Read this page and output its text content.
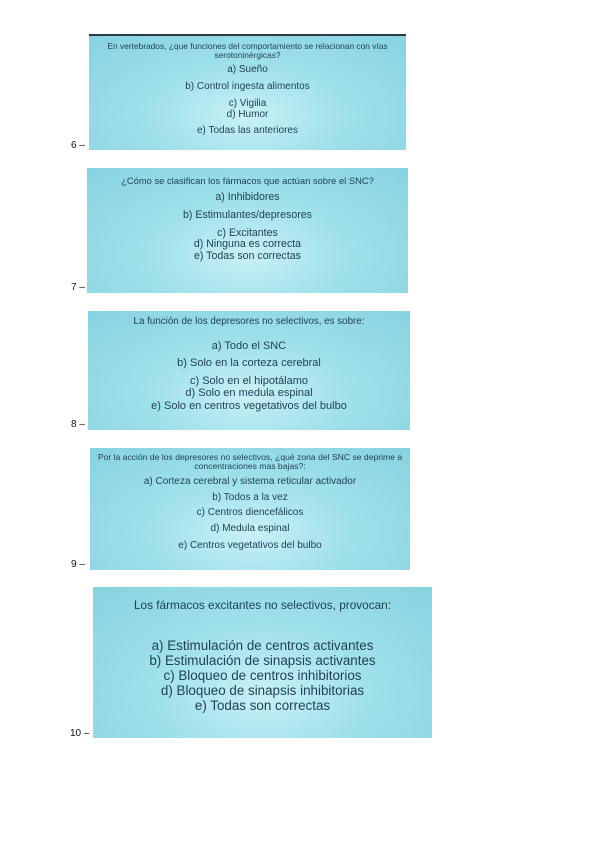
6 –
En vertebrados, ¿que funciones del comportamiento se relacionan con vías serotoninérgicas?
a) Sueño
b) Control ingesta alimentos
c) Vigilia
d) Humor
e) Todas las anteriores
7 –
¿Cómo se clasifican los fármacos que actúan sobre el SNC?
a) Inhibidores
b) Estimulantes/depresores
c) Excitantes
d) Ninguna es correcta
e) Todas son correctas
8 –
La función de los depresores no selectivos, es sobre:
a) Todo el SNC
b) Solo en la corteza cerebral
c) Solo en el hipotálamo
d) Solo en medula espinal
e) Solo en centros vegetativos del bulbo
9 –
Por la acción de los depresores no selectivos, ¿qué zona del SNC se deprime a concentraciones mas bajas?:
a) Corteza cerebral y sistema reticular activador
b) Todos a la vez
c) Centros diencefálicos
d) Medula espinal
e) Centros vegetativos del bulbo
10 –
Los fármacos excitantes no selectivos, provocan:
a) Estimulación de centros activantes
b) Estimulación de sinapsis activantes
c) Bloqueo de centros inhibitorios
d) Bloqueo de sinapsis inhibitorias
e) Todas son correctas
